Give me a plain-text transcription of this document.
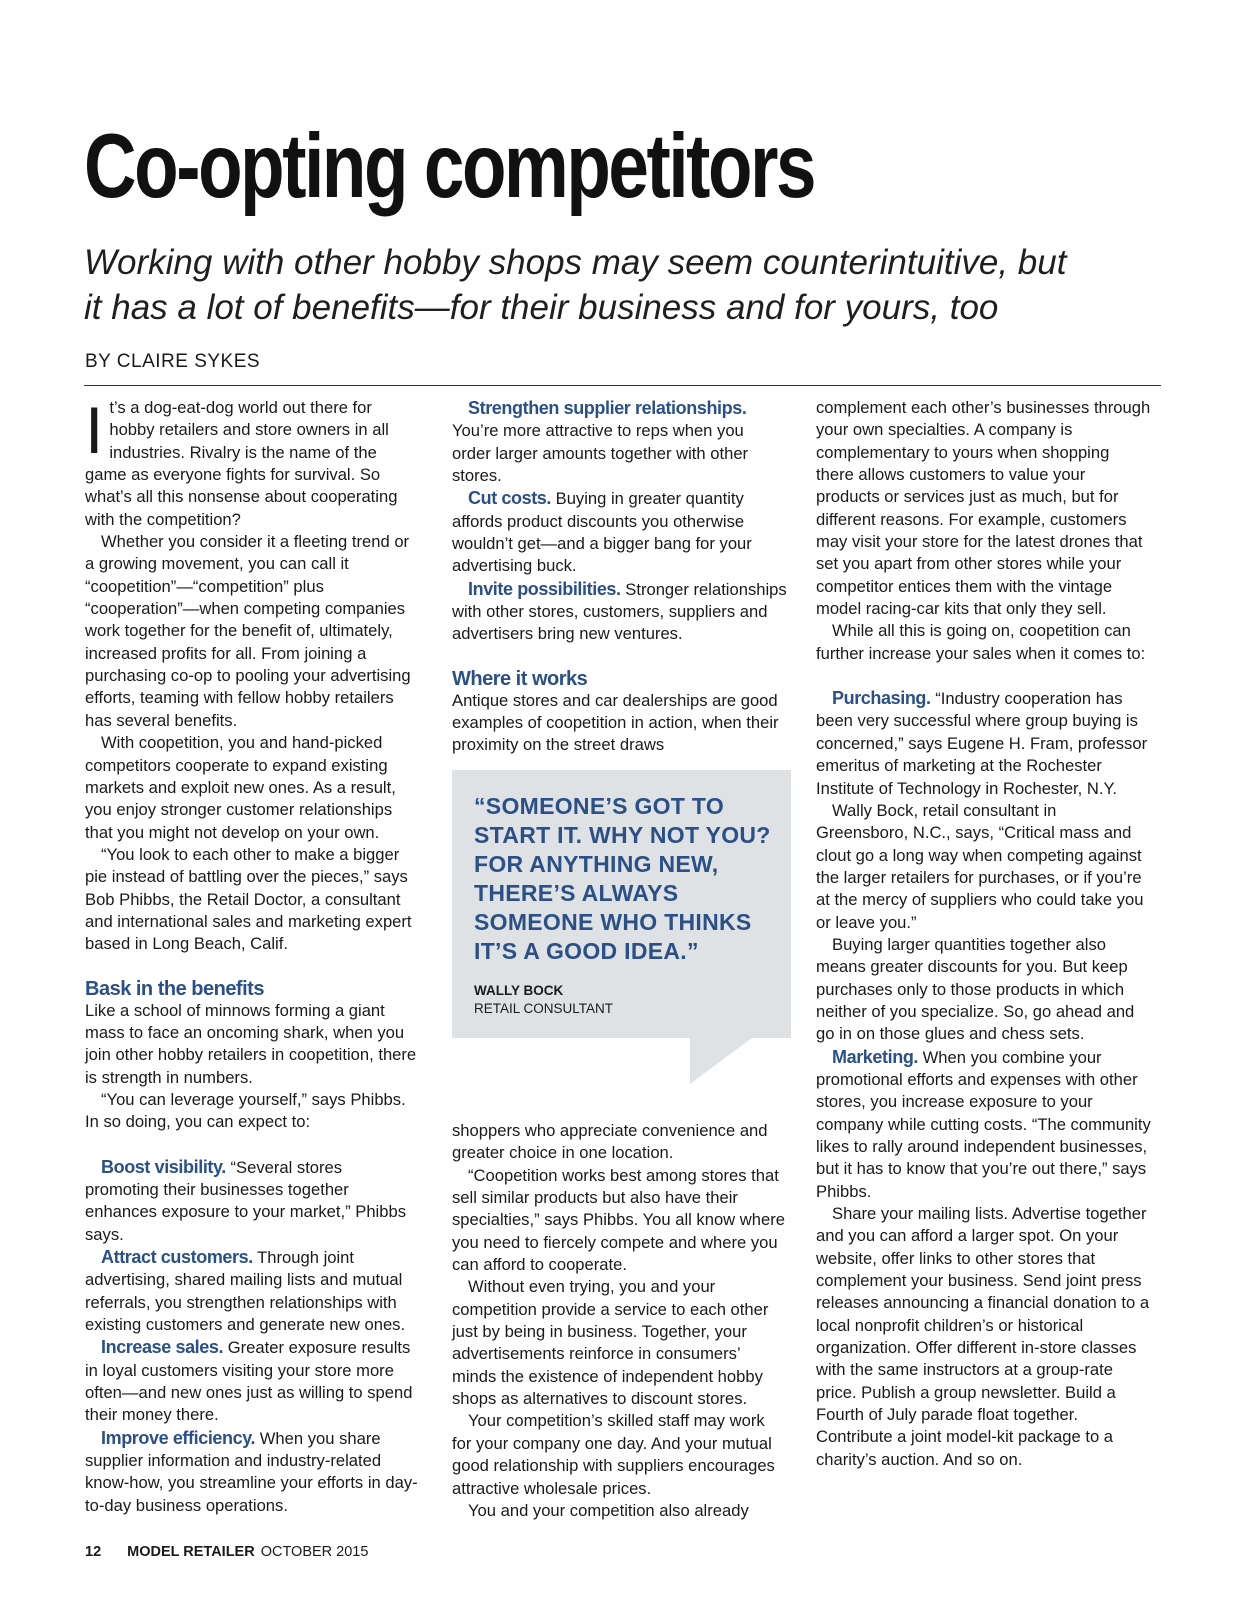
Co-opting competitors
Working with other hobby shops may seem counterintuitive, but
it has a lot of benefits—for their business and for yours, too

BY CLAIRE SYKES

It’s a dog-eat-dog world out there for hobby retailers and store owners in all industries. Rivalry is the name of the game as everyone fights for survival. So what’s all this nonsense about cooperating with the competition?

Whether you consider it a fleeting trend or a growing movement, you can call it “coopetition”—“competition” plus “cooperation”—when competing companies work together for the benefit of, ultimately, increased profits for all. From joining a purchasing co-op to pooling your advertising efforts, teaming with fellow hobby retailers has several benefits.

With coopetition, you and hand-picked competitors cooperate to expand existing markets and exploit new ones. As a result, you enjoy stronger customer relationships that you might not develop on your own.

“You look to each other to make a bigger pie instead of battling over the pieces,” says Bob Phibbs, the Retail Doctor, a consultant and international sales and marketing expert based in Long Beach, Calif.

Bask in the benefits

Like a school of minnows forming a giant mass to face an oncoming shark, when you join other hobby retailers in coopetition, there is strength in numbers.

“You can leverage yourself,” says Phibbs. In so doing, you can expect to:

Boost visibility. “Several stores promoting their businesses together enhances exposure to your market,” Phibbs says.

Attract customers. Through joint advertising, shared mailing lists and mutual referrals, you strengthen relationships with existing customers and generate new ones.

Increase sales. Greater exposure results in loyal customers visiting your store more often—and new ones just as willing to spend their money there.

Improve efficiency. When you share supplier information and industry-related know-how, you streamline your efforts in day-to-day business operations.

Strengthen supplier relationships. You’re more attractive to reps when you order larger amounts together with other stores.

Cut costs. Buying in greater quantity affords product discounts you otherwise wouldn’t get—and a bigger bang for your advertising buck.

Invite possibilities. Stronger relationships with other stores, customers, suppliers and advertisers bring new ventures.

Where it works

Antique stores and car dealerships are good examples of coopetition in action, when their proximity on the street draws

“SOMEONE’S GOT TO START IT. WHY NOT YOU? FOR ANYTHING NEW, THERE’S ALWAYS SOMEONE WHO THINKS IT’S A GOOD IDEA.”

WALLY BOCK

RETAIL CONSULTANT

shoppers who appreciate convenience and greater choice in one location.

“Coopetition works best among stores that sell similar products but also have their specialties,” says Phibbs. You all know where you need to fiercely compete and where you can afford to cooperate.

Without even trying, you and your competition provide a service to each other just by being in business. Together, your advertisements reinforce in consumers’ minds the existence of independent hobby shops as alternatives to discount stores.

Your competition’s skilled staff may work for your company one day. And your mutual good relationship with suppliers encourages attractive wholesale prices.

You and your competition also already

complement each other’s businesses through your own specialties. A company is complementary to yours when shopping there allows customers to value your products or services just as much, but for different reasons. For example, customers may visit your store for the latest drones that set you apart from other stores while your competitor entices them with the vintage model racing-car kits that only they sell.

While all this is going on, coopetition can further increase your sales when it comes to:

Purchasing. “Industry cooperation has been very successful where group buying is concerned,” says Eugene H. Fram, professor emeritus of marketing at the Rochester Institute of Technology in Rochester, N.Y.

Wally Bock, retail consultant in Greensboro, N.C., says, “Critical mass and clout go a long way when competing against the larger retailers for purchases, or if you’re at the mercy of suppliers who could take you or leave you.”

Buying larger quantities together also means greater discounts for you. But keep purchases only to those products in which neither of you specialize. So, go ahead and go in on those glues and chess sets.

Marketing. When you combine your promotional efforts and expenses with other stores, you increase exposure to your company while cutting costs. “The community likes to rally around independent businesses, but it has to know that you’re out there,” says Phibbs.

Share your mailing lists. Advertise together and you can afford a larger spot. On your website, offer links to other stores that complement your business. Send joint press releases announcing a financial donation to a local nonprofit children’s or historical organization. Offer different in-store classes with the same instructors at a group-rate price. Publish a group newsletter. Build a Fourth of July parade float together. Contribute a joint model-kit package to a charity’s auction. And so on.

12 MODEL RETAILER OCTOBER 2015
